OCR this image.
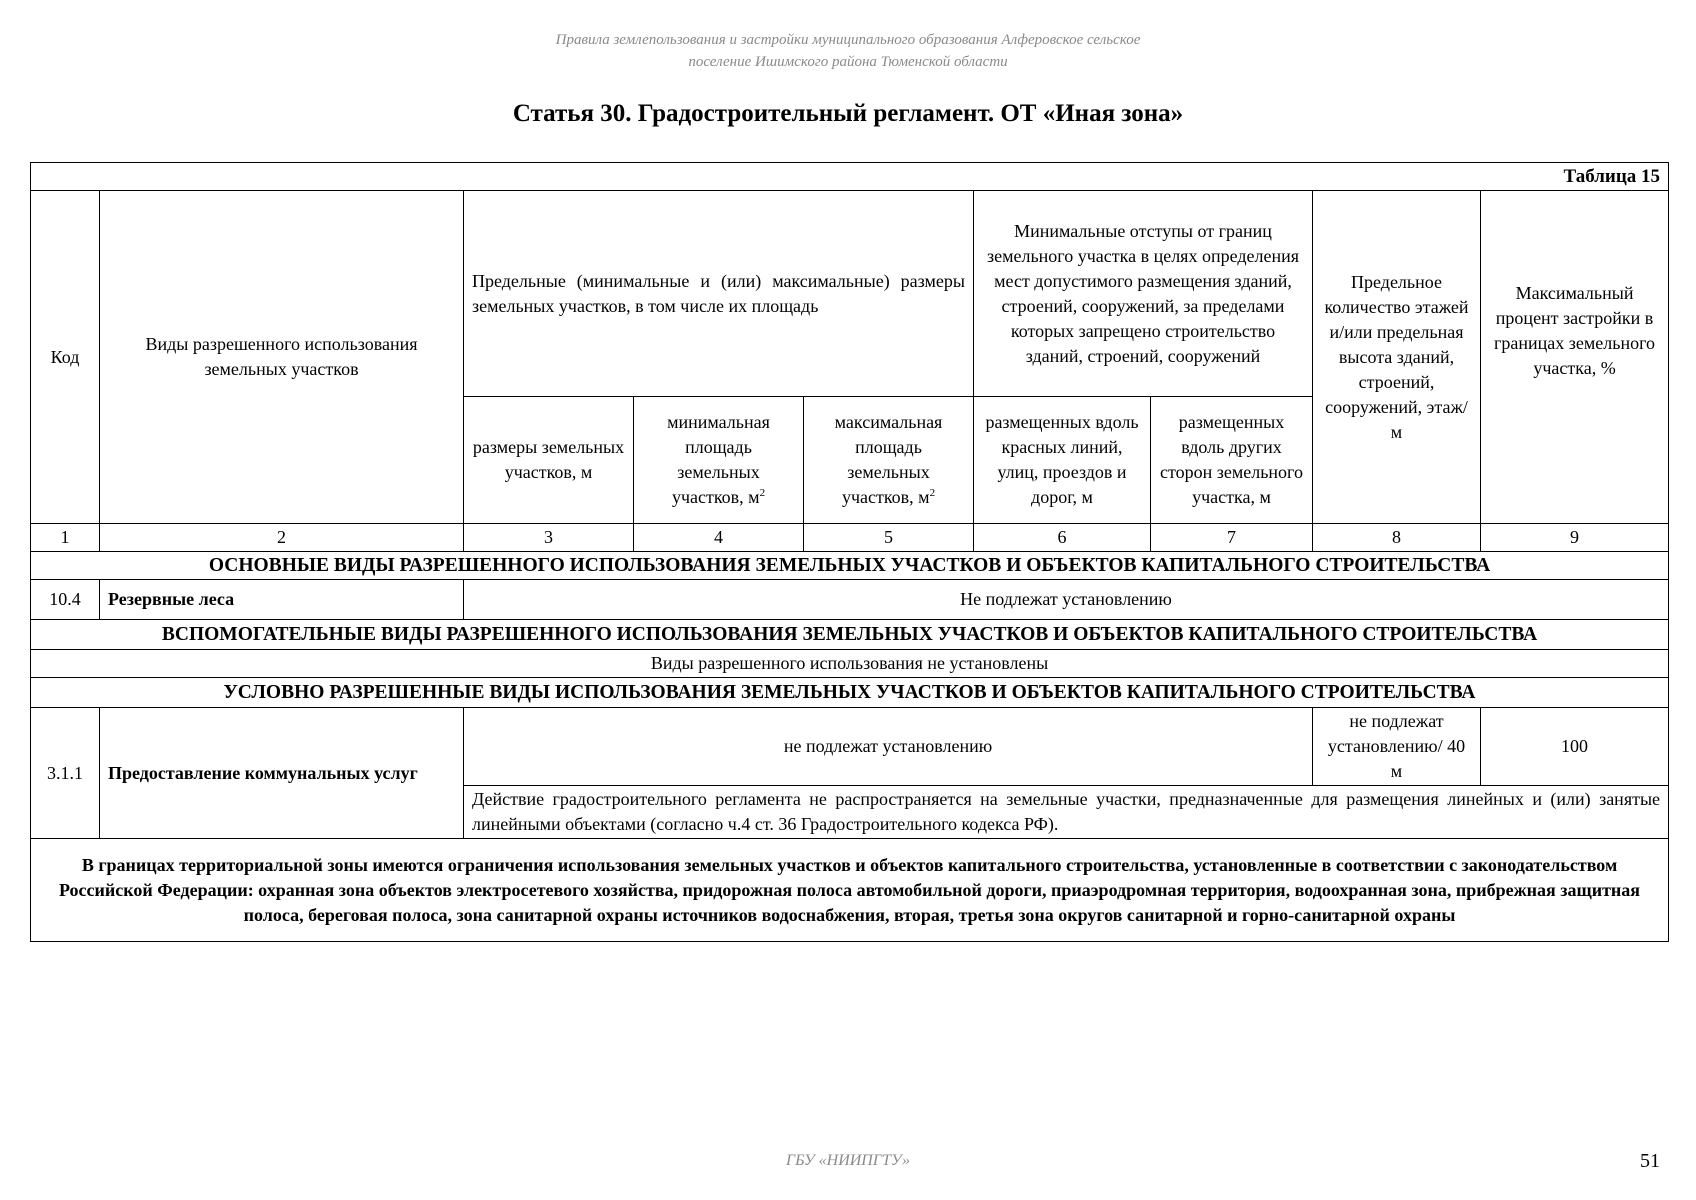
Правила землепользования и застройки муниципального образования Алферовское сельское
поселение Ишимского района Тюменской области
Статья 30. Градостроительный регламент. ОТ «Иная зона»
Таблица 15								
Код	Виды разрешенного использования земельных участков	Предельные (минимальные и (или) максимальные) размеры земельных участков, в том числе их площадь			Минимальные отступы от границ земельного участка в целях определения мест допустимого размещения зданий, строений, сооружений, за пределами которых запрещено строительство зданий, строений, сооружений		Предельное количество этажей и/или предельная высота зданий, строений, сооружений, этаж/м	Максимальный процент застройки в границах земельного участка, %
		размеры земельных участков, м	минимальная площадь земельных участков, $м^2$	максимальная площадь земельных участков, $м^2$	размещенных вдоль красных линий, улиц, проездов и дорог, м	размещенных вдоль других сторон земельного участка, м		
1	2	3	4	5	6	7	8	9
ОСНОВНЫЕ ВИДЫ РАЗРЕШЕННОГО ИСПОЛЬЗОВАНИЯ ЗЕМЕЛЬНЫХ УЧАСТКОВ И ОБЪЕКТОВ КАПИТАЛЬНОГО СТРОИТЕЛЬСТВА								
10.4	Резервные леса	Не подлежат установлению						
ВСПОМОГАТЕЛЬНЫЕ ВИДЫ РАЗРЕШЕННОГО ИСПОЛЬЗОВАНИЯ ЗЕМЕЛЬНЫХ УЧАСТКОВ И ОБЪЕКТОВ КАПИТАЛЬНОГО СТРОИТЕЛЬСТВА								
Виды разрешенного использования не установлены								
УСЛОВНО РАЗРЕШЕННЫЕ ВИДЫ ИСПОЛЬЗОВАНИЯ ЗЕМЕЛЬНЫХ УЧАСТКОВ И ОБЪЕКТОВ КАПИТАЛЬНОГО СТРОИТЕЛЬСТВА								
3.1.1	Предоставление коммунальных услуг	не подлежат установлению					не подлежат установлению/ 40 м	100
		Действие градостроительного регламента не распространяется на земельные участки, предназначенные для размещения линейных и (или) занятые линейными объектами (согласно ч.4 ст. 36 Градостроительного кодекса РФ).						
В границах территориальной зоны имеются ограничения использования земельных участков и объектов капитального строительства, установленные в соответствии с законодательством Российской Федерации: охранная зона объектов электросетевого хозяйства, придорожная полоса автомобильной дороги, приаэродромная территория, водоохранная зона, прибрежная защитная полоса, береговая полоса, зона санитарной охраны источников водоснабжения, вторая, третья зона округов санитарной и горно-санитарной охраны								
ГБУ «НИИПГТУ»	51
